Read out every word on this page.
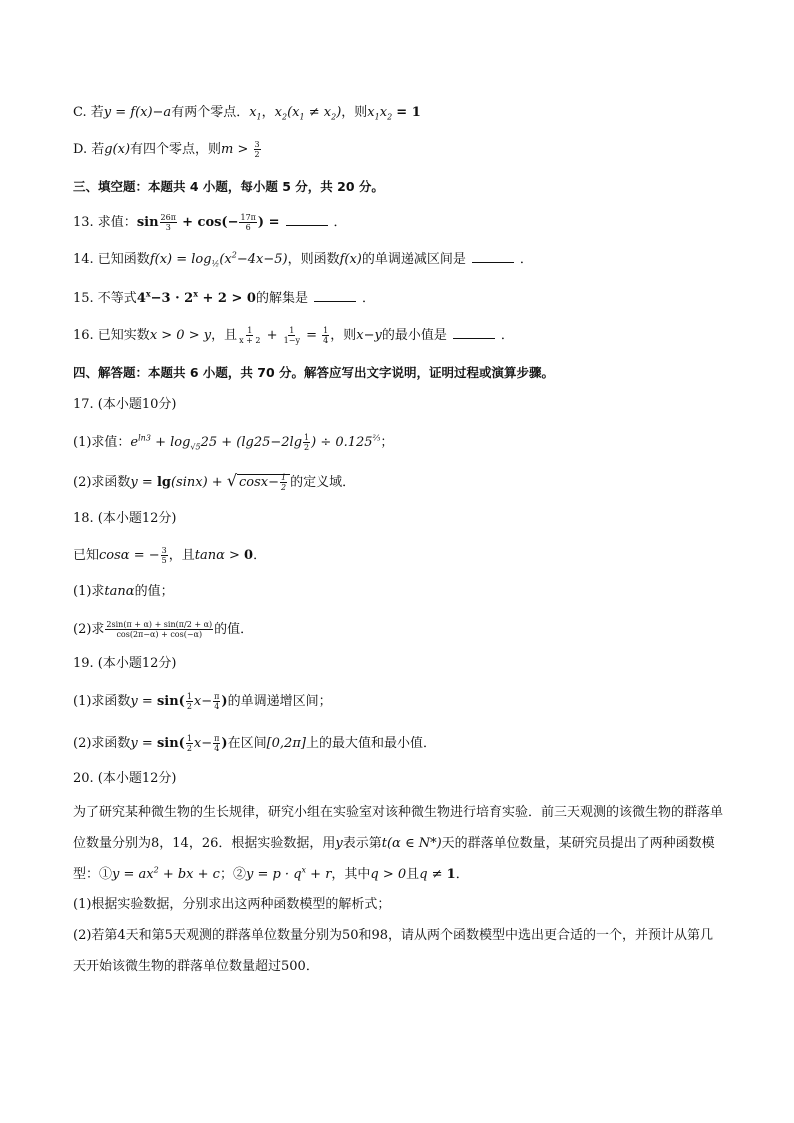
C. 若y = f(x)−a有两个零点．$x_1$，$x_2(x_1 \ne x_2)$，则$x_1x_2 = 1$
D. 若g(x)有四个零点，则$m > \frac{3}{2}$
三、填空题：本题共 4 小题，每小题 5 分，共 20 分。
13. 求值：$\sin \frac{26\pi}{3} + \cos(- \frac{17\pi}{6}$ ) =	．
14. 已知函数$f(x) = \log_{\frac{1}{2}}(x^2-4x-5)$，则函数f(x)的单调递减区间是	．
15. 不等式$4^x-3 \cdot 2^x + 2 > 0$的解集是	．
16. 已知实数x > 0 > y，且 $\frac{1}{x + 2} + \frac{1}{1-y} = \frac{1}{4}$ ，则x−y的最小值是	．
四、解答题：本题共 6 小题，共 70 分。解答应写出文字说明，证明过程或演算步骤。
17. (本小题10分)
(1)求值：$e^{ln3} + \log_{√5}25 + (\lg 25-2\lg \frac{1}{2}$ ) ÷ $0.125^{\frac{2}{3}}$；
(2)求函数y = lg(sinx) + √ $\cos x- \frac{1}{2}$ 的定义域．
18. (本小题12分)
已知cosα = − $\frac{3}{5}$ ，且tanα > 0．
(1)求tanα的值；
(2)求 $\frac{2\sin(\pi + \alpha) + \sin(\pi/2 + \alpha)}{\cos(2\pi-\alpha) + \cos(-\alpha)}$ 的值．
19. (本小题12分)
(1)求函数$y = \sin( \frac{1}{2} x- \frac{\pi}{4}$ )的单调递增区间；
(2)求函数$y = \sin( \frac{1}{2} x- \frac{\pi}{4}$ )在区间[0,2π]上的最大值和最小值．
20. (本小题12分)
为了研究某种微生物的生长规律，研究小组在实验室对该种微生物进行培育实验．前三天观测的该微生物的群落单位数量分别为8，14，26．根据实验数据，用y表示第t(α ∈ N*)天的群落单位数量，某研究员提出了两种函数模型：①y = $ax^2$ + bx + c；②y = $p \cdot q^x + r$，其中q > 0且q ≠ 1．
(1)根据实验数据，分别求出这两种函数模型的解析式；
(2)若第4天和第5天观测的群落单位数量分别为50和98，请从两个函数模型中选出更合适的一个，并预计从第几天开始该微生物的群落单位数量超过500．
